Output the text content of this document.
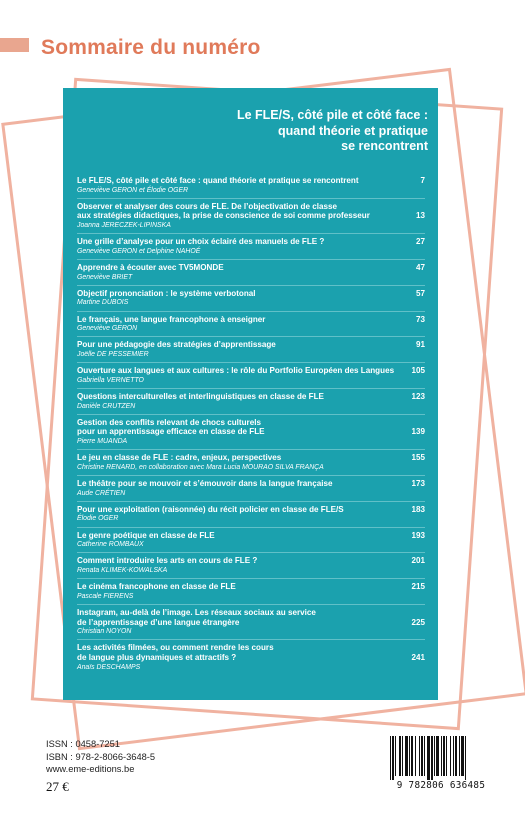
Sommaire du numéro
Le FLE/S, côté pile et côté face :
quand théorie et pratique
se rencontrent
7
Le FLE/S, côté pile et côté face : quand théorie et pratique se rencontrent
Geneviève GERON et Élodie OGER
13
Observer et analyser des cours de FLE. De l’objectivation de classe
aux stratégies didactiques, la prise de conscience de soi comme professeur
Joanna JERECZEK-LIPINSKA
27
Une grille d’analyse pour un choix éclairé des manuels de FLE ?
Geneviève GERON et Delphine NAHOÉ
47
Apprendre à écouter avec TV5MONDE
Geneviève BRIET
57
Objectif prononciation : le système verbotonal
Martine DUBOIS
73
Le français, une langue francophone à enseigner
Geneviève GERON
91
Pour une pédagogie des stratégies d’apprentissage
Joëlle DE PESSEMIER
105
Ouverture aux langues et aux cultures : le rôle du Portfolio Européen des Langues
Gabriella VERNETTO
123
Questions interculturelles et interlinguistiques en classe de FLE
Danièle CRUTZEN
139
Gestion des conflits relevant de chocs culturels
pour un apprentissage efficace en classe de FLE
Pierre MUANDA
155
Le jeu en classe de FLE : cadre, enjeux, perspectives
Christine RENARD, en collaboration avec Mara Lucia MOURAO SILVA FRANÇA
173
Le théâtre pour se mouvoir et s’émouvoir dans la langue française
Aude CRÉTIEN
183
Pour une exploitation (raisonnée) du récit policier en classe de FLE/S
Élodie OGER
193
Le genre poétique en classe de FLE
Catherine ROMBAUX
201
Comment introduire les arts en cours de FLE ?
Renata KLIMEK-KOWALSKA
215
Le cinéma francophone en classe de FLE
Pascale FIERENS
225
Instagram, au-delà de l’image. Les réseaux sociaux au service
de l’apprentissage d’une langue étrangère
Christian NOYON
241
Les activités filmées, ou comment rendre les cours
de langue plus dynamiques et attractifs ?
Anaïs DESCHAMPS
ISSN : 0458-7251
ISBN : 978-2-8066-3648-5
www.eme-editions.be
27 €	9 782806 636485
